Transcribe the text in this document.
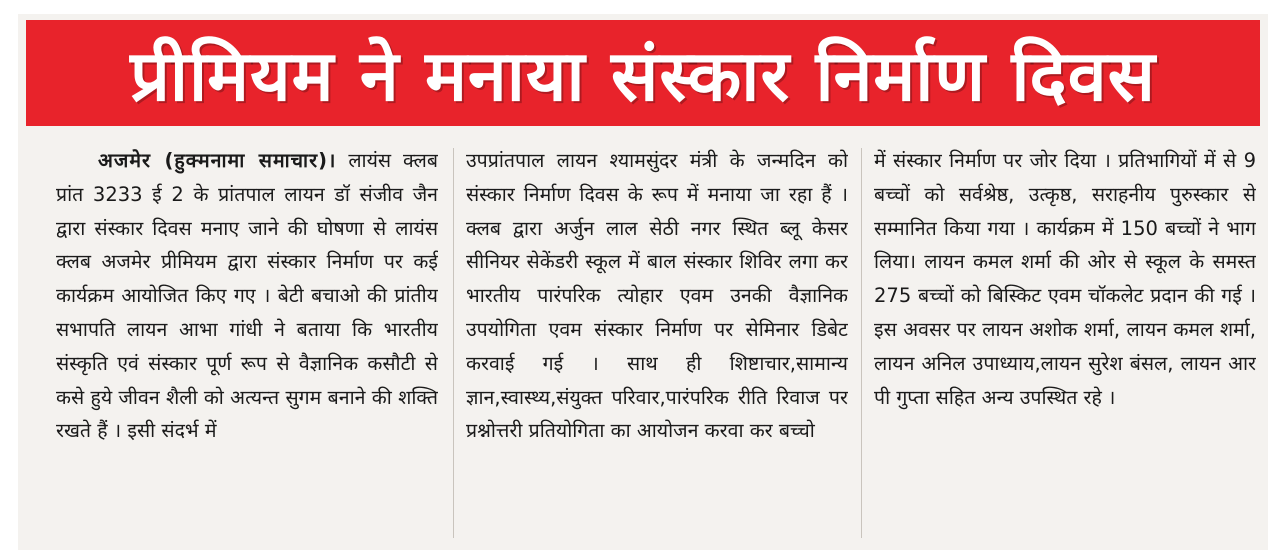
प्रीमियम ने मनाया संस्कार निर्माण दिवस

अजमेर (हुक्मनामा समाचार)। लायंस क्लब प्रांत 3233 ई 2 के प्रांतपाल लायन डॉ संजीव जैन द्वारा संस्कार दिवस मनाए जाने की घोषणा से लायंस क्लब अजमेर प्रीमियम द्वारा संस्कार निर्माण पर कई कार्यक्रम आयोजित किए गए । बेटी बचाओ की प्रांतीय सभापति लायन आभा गांधी ने बताया कि भारतीय संस्कृति एवं संस्कार पूर्ण रूप से वैज्ञानिक कसौटी से कसे हुये जीवन शैली को अत्यन्त सुगम बनाने की शक्ति रखते हैं । इसी संदर्भ में

उपप्रांतपाल लायन श्यामसुंदर मंत्री के जन्मदिन को संस्कार निर्माण दिवस के रूप में मनाया जा रहा हैं । क्लब द्वारा अर्जुन लाल सेठी नगर स्थित ब्लू केसर सीनियर सेकेंडरी स्कूल में बाल संस्कार शिविर लगा कर भारतीय पारंपरिक त्योहार एवम उनकी वैज्ञानिक उपयोगिता एवम संस्कार निर्माण पर सेमिनार डिबेट करवाई गई । साथ ही शिष्टाचार,सामान्य ज्ञान,स्वास्थ्य,संयुक्त परिवार,पारंपरिक रीति रिवाज पर प्रश्नोत्तरी प्रतियोगिता का आयोजन करवा कर बच्चो

में संस्कार निर्माण पर जोर दिया । प्रतिभागियों में से 9 बच्चों को सर्वश्रेष्ठ, उत्कृष्ठ, सराहनीय पुरुस्कार से सम्मानित किया गया । कार्यक्रम में 150 बच्चों ने भाग लिया। लायन कमल शर्मा की ओर से स्कूल के समस्त 275 बच्चों को बिस्किट एवम चॉकलेट प्रदान की गई । इस अवसर पर लायन अशोक शर्मा, लायन कमल शर्मा, लायन अनिल उपाध्याय,लायन सुरेश बंसल, लायन आर पी गुप्ता सहित अन्य उपस्थित रहे ।
